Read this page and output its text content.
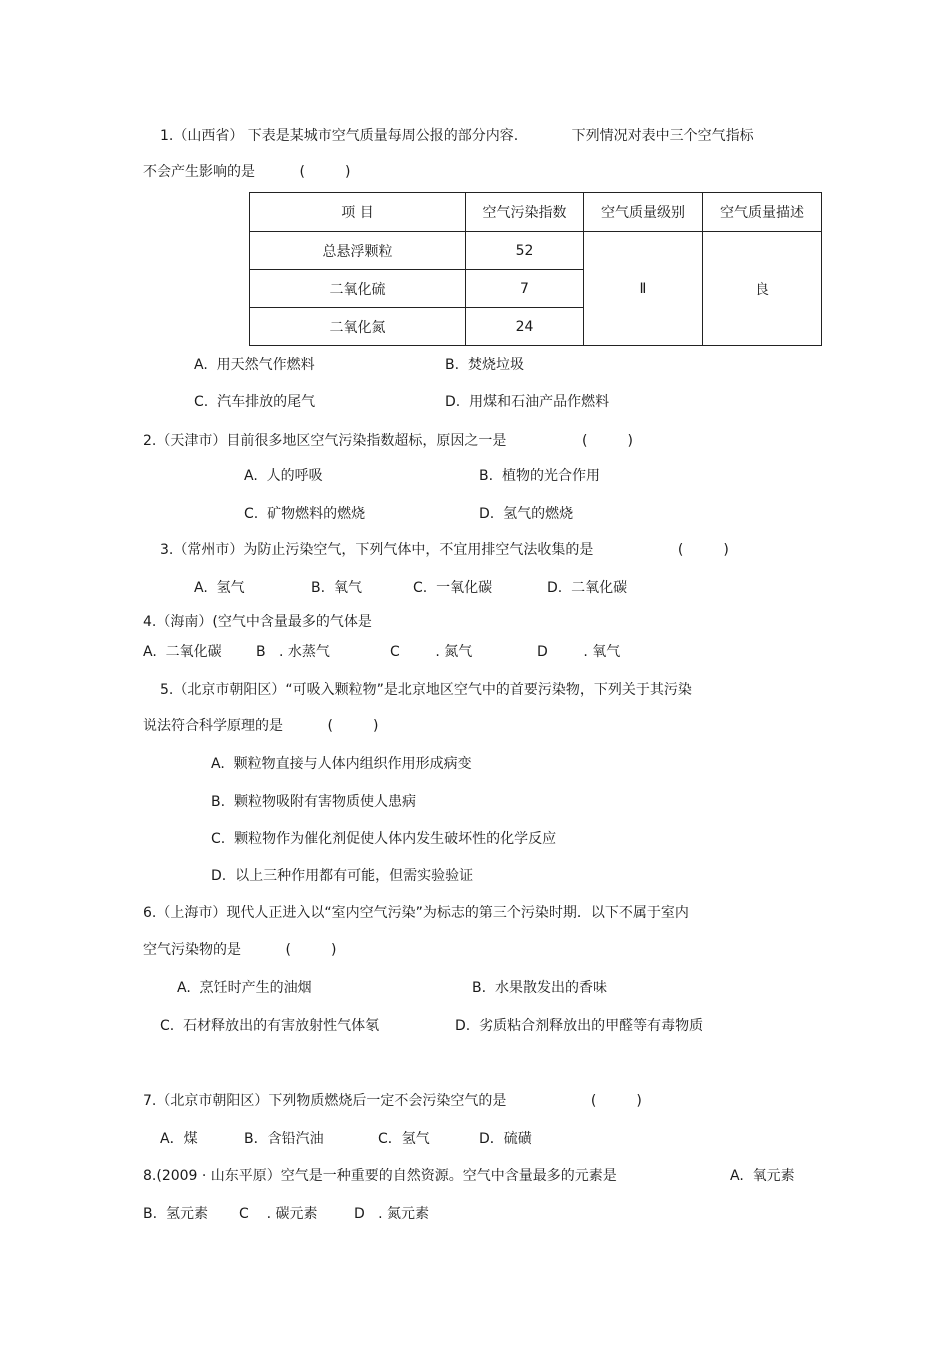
1.（山西省） 下表是某城市空气质量每周公报的部分内容.            下列情况对表中三个空气指标
不会产生影响的是          (         )
项 目	空气污染指数	空气质量级别	空气质量描述
总悬浮颗粒	52	Ⅱ	良
二氧化硫	7		
二氧化氮	24		
A.  用天然气作燃料	B.  焚烧垃圾
C.  汽车排放的尾气	D.  用煤和石油产品作燃料
2.（天津市）目前很多地区空气污染指数超标，原因之一是                 (         )
A.  人的呼吸	B.  植物的光合作用
C.  矿物燃料的燃烧	D.  氢气的燃烧
3.（常州市）为防止污染空气，下列气体中，不宜用排空气法收集的是                   (         )
A.  氢气	B.  氧气	C.  一氧化碳	D.  二氧化碳
4.（海南）(空气中含量最多的气体是
A.  二氧化碳 B   . 水蒸气	C        . 氮气	D        . 氧气
5.（北京市朝阳区）“可吸入颗粒物”是北京地区空气中的首要污染物，下列关于其污染
说法符合科学原理的是          (         )
A.  颗粒物直接与人体内组织作用形成病变
B.  颗粒物吸附有害物质使人患病
C.  颗粒物作为催化剂促使人体内发生破坏性的化学反应
D.  以上三种作用都有可能，但需实验验证
6.（上海市）现代人正进入以“室内空气污染”为标志的第三个污染时期．以下不属于室内
空气污染物的是          (         )
A.  烹饪时产生的油烟	B.  水果散发出的香味
C.  石材释放出的有害放射性气体氡	D.  劣质粘合剂释放出的甲醛等有毒物质
7.（北京市朝阳区）下列物质燃烧后一定不会污染空气的是                   (         )
A．煤	B．含铅汽油	C．氢气	D．硫磺
8.(2009 · 山东平原）空气是一种重要的自然资源。空气中含量最多的元素是	A.  氧元素
B.  氢元素 C    . 碳元素	D   . 氮元素
